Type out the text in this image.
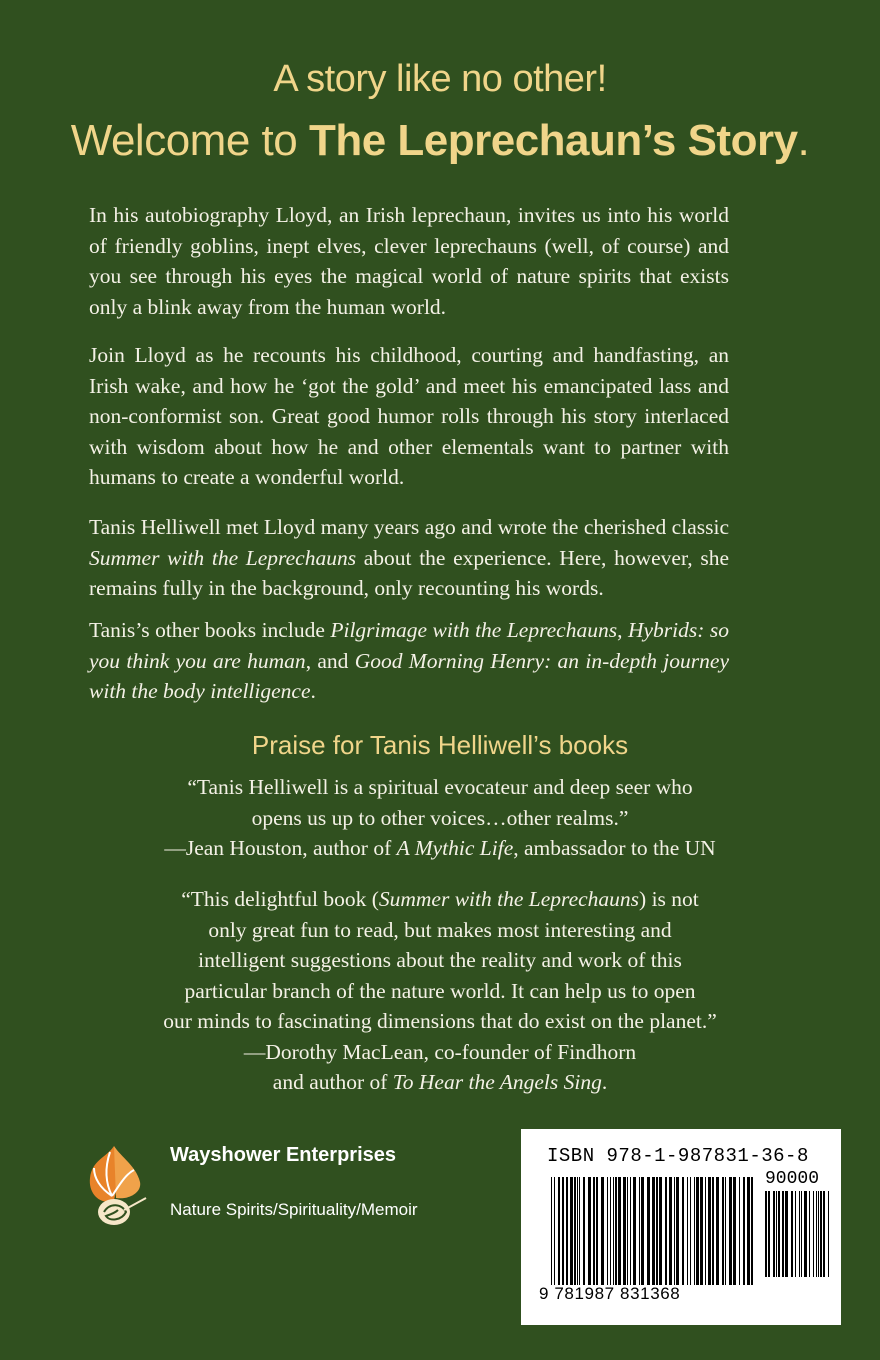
A story like no other!
Welcome to The Leprechaun’s Story.

In his autobiography Lloyd, an Irish leprechaun, invites us into his world of friendly goblins, inept elves, clever leprechauns (well, of course) and you see through his eyes the magical world of nature spirits that exists only a blink away from the human world.

Join Lloyd as he recounts his childhood, courting and handfasting, an Irish wake, and how he ‘got the gold’ and meet his emancipated lass and non-conformist son. Great good humor rolls through his story interlaced with wisdom about how he and other elementals want to partner with humans to create a wonderful world.

Tanis Helliwell met Lloyd many years ago and wrote the cherished classic Summer with the Leprechauns about the experience. Here, however, she remains fully in the background, only recounting his words.

Tanis’s other books include Pilgrimage with the Leprechauns, Hybrids: so you think you are human, and Good Morning Henry: an in-depth journey with the body intelligence.

Praise for Tanis Helliwell’s books

“Tanis Helliwell is a spiritual evocateur and deep seer who
opens us up to other voices…other realms.”
—Jean Houston, author of A Mythic Life, ambassador to the UN

“This delightful book (Summer with the Leprechauns) is not
only great fun to read, but makes most interesting and
intelligent suggestions about the reality and work of this
particular branch of the nature world. It can help us to open
our minds to fascinating dimensions that do exist on the planet.”
—Dorothy MacLean, co-founder of Findhorn
and author of To Hear the Angels Sing.

Wayshower Enterprises
Nature Spirits/Spirituality/Memoir
ISBN 978-1-987831-36-8
90000
9 781987 831368
